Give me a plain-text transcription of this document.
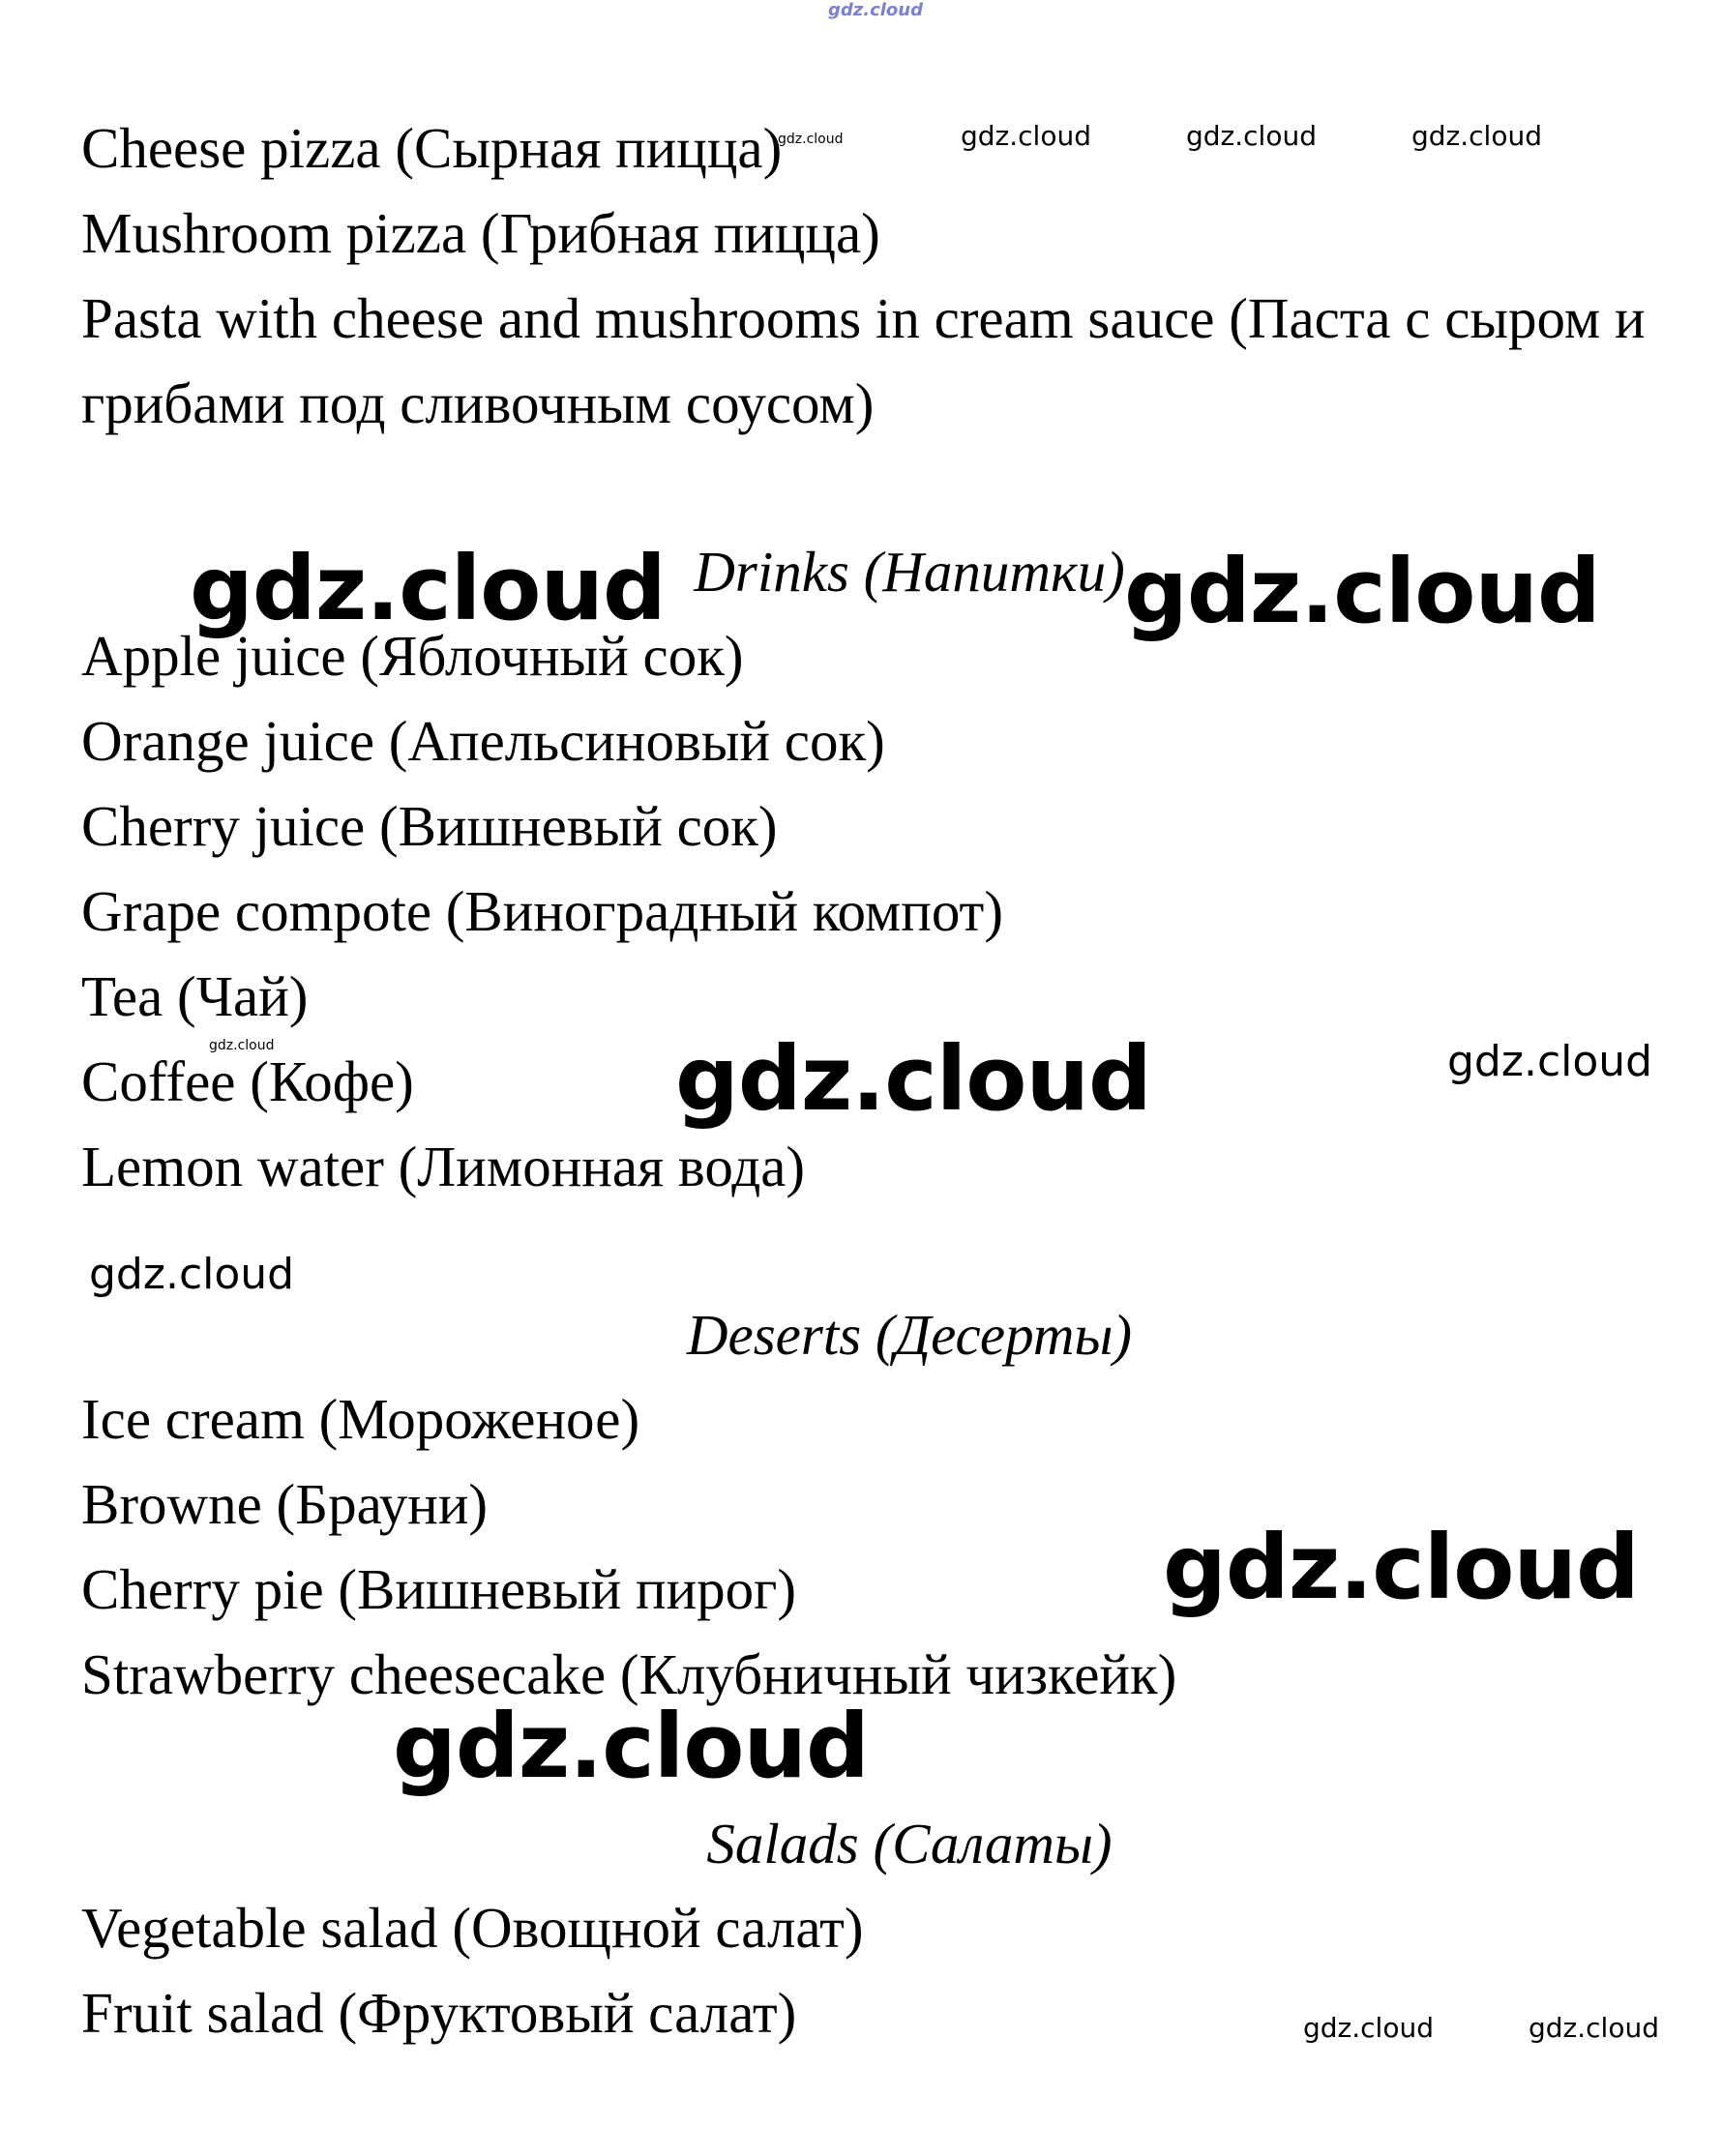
Cheese pizza (Сырная пицца)
Mushroom pizza (Грибная пицца)
Pasta with cheese and mushrooms in cream sauce (Паста с сыром и
грибами под сливочным соусом)
Drinks (Напитки)
Apple juice (Яблочный сок)
Orange juice (Апельсиновый сок)
Cherry juice (Вишневый сок)
Grape compote (Виноградный компот)
Tea (Чай)
Coffee (Кофе)
Lemon water (Лимонная вода)
Deserts (Десерты)
Ice cream (Мороженое)
Browne (Брауни)
Cherry pie (Вишневый пирог)
Strawberry cheesecake (Клубничный чизкейк)
Salads (Салаты)
Vegetable salad (Овощной салат)
Fruit salad (Фруктовый салат)
gdz.cloud
gdz.cloud	gdz.cloud	gdz.cloud	gdz.cloud
gdz.cloud	gdz.cloud
gdz.cloud	gdz.cloud	gdz.cloud
gdz.cloud
gdz.cloud
gdz.cloud
gdz.cloud	gdz.cloud
